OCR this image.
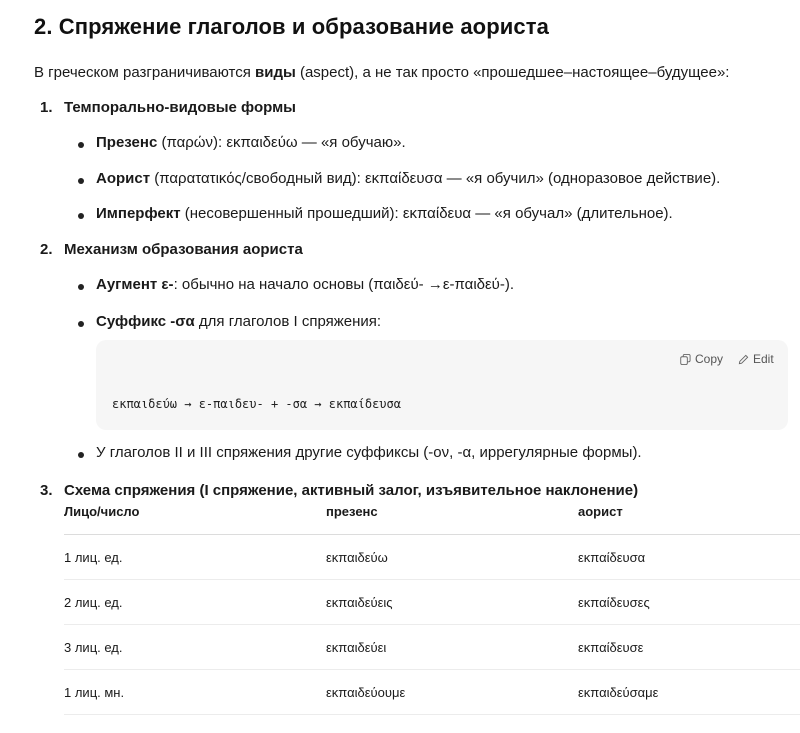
2. Спряжение глаголов и образование аориста

В греческом разграничиваются виды (aspect), а не так просто «прошедшее–настоящее–будущее»:

1. Темпорально-видовые формы
Презенс (παρών): εκπαιδεύω — «я обучаю».
Аорист (παρατατικός/свободный вид): εκπαίδευσα — «я обучил» (одноразовое действие).
Имперфект (несовершенный прошедший): εκπαίδευα — «я обучал» (длительное).
2. Механизм образования аориста
Аугмент ε-: обычно на начало основы (παιδεύ- →ε-παιδεύ-).
Суффикс -σα для глаголов I спряжения:
Copy Edit
εκπαιδεύω → ε-παιδευ- + -σα → εκπαίδευσα
У глаголов II и III спряжения другие суффиксы (-ον, -α, иррегулярные формы).
3. Схема спряжения (I спряжение, активный залог, изъявительное наклонение)
Лицо/число	презенс	аорист
1 лиц. ед.	εκπαιδεύω	εκπαίδευσα
2 лиц. ед.	εκπαιδεύεις	εκπαίδευσες
3 лиц. ед.	εκπαιδεύει	εκπαίδευσε
1 лиц. мн.	εκπαιδεύουμε	εκπαιδεύσαμε
